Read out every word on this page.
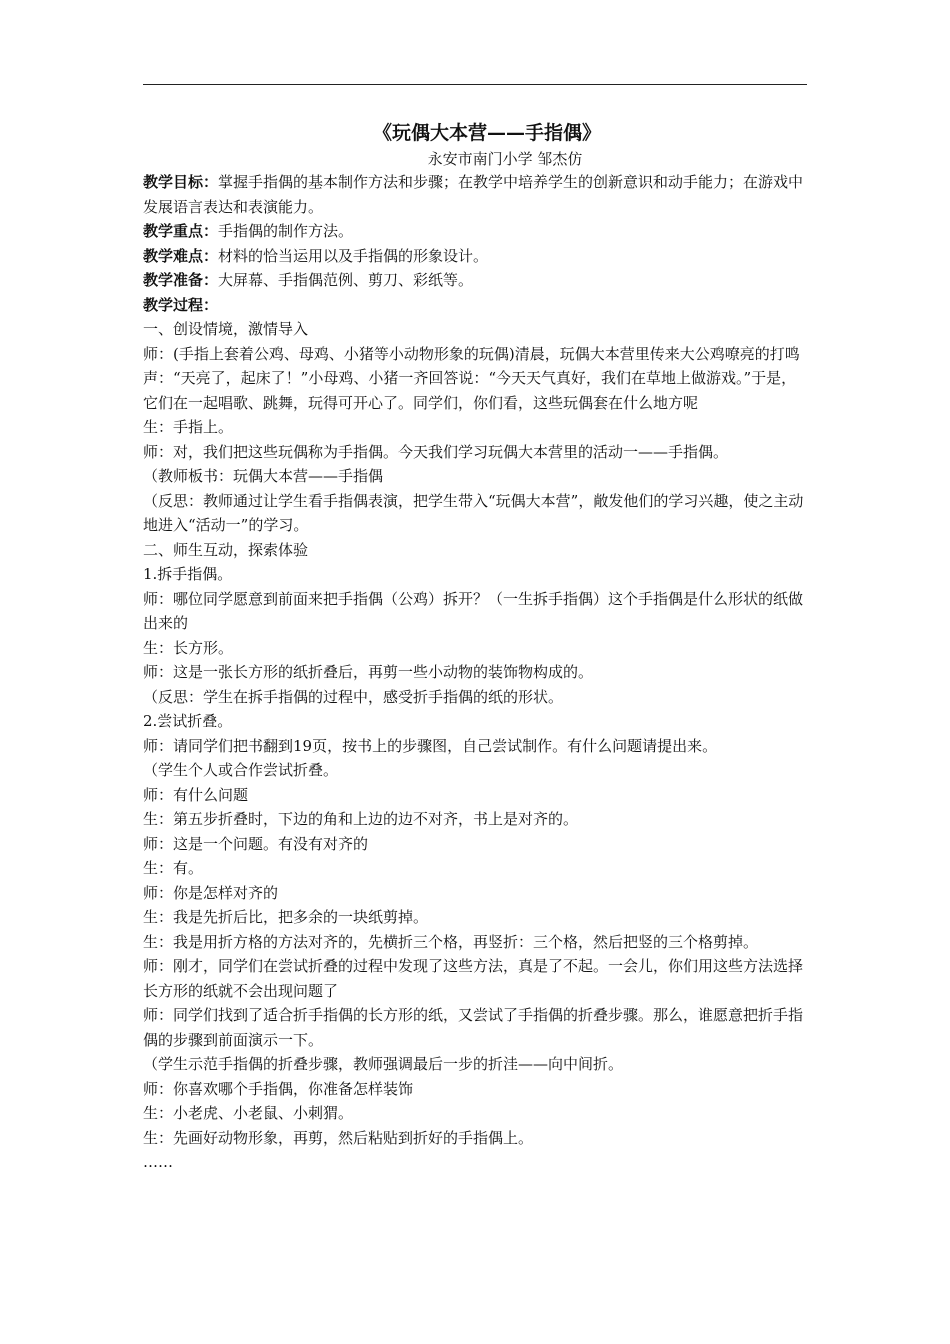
《玩偶大本营——手指偶》
永安市南门小学 邹杰仿

教学目标：掌握手指偶的基本制作方法和步骤；在教学中培养学生的创新意识和动手能力；在游戏中发展语言表达和表演能力。

教学重点：手指偶的制作方法。

教学难点：材料的恰当运用以及手指偶的形象设计。

教学准备：大屏幕、手指偶范例、剪刀、彩纸等。

教学过程：

一、创设情境，激情导入

师：(手指上套着公鸡、母鸡、小猪等小动物形象的玩偶)清晨，玩偶大本营里传来大公鸡嘹亮的打鸣声：“天亮了，起床了！”小母鸡、小猪一齐回答说：“今天天气真好，我们在草地上做游戏。”于是，它们在一起唱歌、跳舞，玩得可开心了。同学们，你们看，这些玩偶套在什么地方呢

生：手指上。

师：对，我们把这些玩偶称为手指偶。今天我们学习玩偶大本营里的活动一——手指偶。

（教师板书：玩偶大本营——手指偶

（反思：教师通过让学生看手指偶表演，把学生带入“玩偶大本营”，敞发他们的学习兴趣，使之主动地进入“活动一”的学习。

二、师生互动，探索体验

1.拆手指偶。

师：哪位同学愿意到前面来把手指偶（公鸡）拆开？（一生拆手指偶）这个手指偶是什么形状的纸做出来的

生：长方形。

师：这是一张长方形的纸折叠后，再剪一些小动物的装饰物构成的。

（反思：学生在拆手指偶的过程中，感受折手指偶的纸的形状。

2.尝试折叠。

师：请同学们把书翻到19页，按书上的步骤图，自己尝试制作。有什么问题请提出来。

（学生个人或合作尝试折叠。

师：有什么问题

生：第五步折叠时，下边的角和上边的边不对齐，书上是对齐的。

师：这是一个问题。有没有对齐的

生：有。

师：你是怎样对齐的

生：我是先折后比，把多余的一块纸剪掉。

生：我是用折方格的方法对齐的，先横折三个格，再竖折：三个格，然后把竖的三个格剪掉。

师：刚才，同学们在尝试折叠的过程中发现了这些方法，真是了不起。一会儿，你们用这些方法选择长方形的纸就不会出现问题了

师：同学们找到了适合折手指偶的长方形的纸，又尝试了手指偶的折叠步骤。那么，谁愿意把折手指偶的步骤到前面演示一下。

（学生示范手指偶的折叠步骤，教师强调最后一步的折洼——向中间折。

师：你喜欢哪个手指偶，你准备怎样装饰

生：小老虎、小老鼠、小刺猬。

生：先画好动物形象，再剪，然后粘贴到折好的手指偶上。

……
